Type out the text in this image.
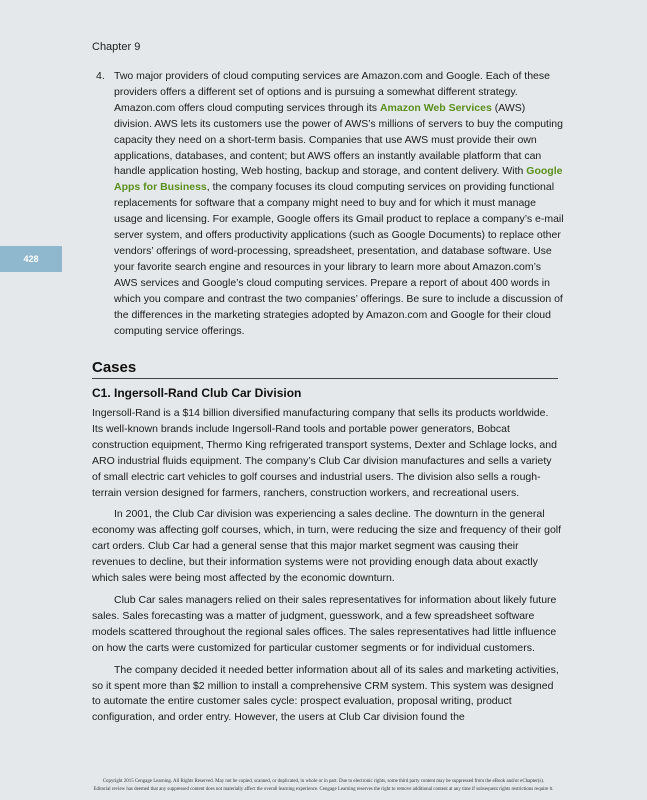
Chapter 9
428
4. Two major providers of cloud computing services are Amazon.com and Google. Each of these providers offers a different set of options and is pursuing a somewhat different strategy. Amazon.com offers cloud computing services through its Amazon Web Services (AWS) division. AWS lets its customers use the power of AWS’s millions of servers to buy the computing capacity they need on a short-term basis. Companies that use AWS must provide their own applications, databases, and content; but AWS offers an instantly available platform that can handle application hosting, Web hosting, backup and storage, and content delivery. With Google Apps for Business, the company focuses its cloud computing services on providing functional replacements for software that a company might need to buy and for which it must manage usage and licensing. For example, Google offers its Gmail product to replace a company’s e-mail server system, and offers productivity applications (such as Google Documents) to replace other vendors’ offerings of word-processing, spreadsheet, presentation, and database software. Use your favorite search engine and resources in your library to learn more about Amazon.com’s AWS services and Google’s cloud computing services. Prepare a report of about 400 words in which you compare and contrast the two companies’ offerings. Be sure to include a discussion of the differences in the marketing strategies adopted by Amazon.com and Google for their cloud computing service offerings.
Cases
C1. Ingersoll-Rand Club Car Division

Ingersoll-Rand is a $14 billion diversified manufacturing company that sells its products worldwide. Its well-known brands include Ingersoll-Rand tools and portable power generators, Bobcat construction equipment, Thermo King refrigerated transport systems, Dexter and Schlage locks, and ARO industrial fluids equipment. The company’s Club Car division manufactures and sells a variety of small electric cart vehicles to golf courses and industrial users. The division also sells a rough-terrain version designed for farmers, ranchers, construction workers, and recreational users.

In 2001, the Club Car division was experiencing a sales decline. The downturn in the general economy was affecting golf courses, which, in turn, were reducing the size and frequency of their golf cart orders. Club Car had a general sense that this major market segment was causing their revenues to decline, but their information systems were not providing enough data about exactly which sales were being most affected by the economic downturn.

Club Car sales managers relied on their sales representatives for information about likely future sales. Sales forecasting was a matter of judgment, guesswork, and a few spreadsheet software models scattered throughout the regional sales offices. The sales representatives had little influence on how the carts were customized for particular customer segments or for individual customers.

The company decided it needed better information about all of its sales and marketing activities, so it spent more than $2 million to install a comprehensive CRM system. This system was designed to automate the entire customer sales cycle: prospect evaluation, proposal writing, product configuration, and order entry. However, the users at Club Car division found the

Copyright 2015 Cengage Learning. All Rights Reserved. May not be copied, scanned, or duplicated, in whole or in part. Due to electronic rights, some third party content may be suppressed from the eBook and/or eChapter(s).
Editorial review has deemed that any suppressed content does not materially affect the overall learning experience. Cengage Learning reserves the right to remove additional content at any time if subsequent rights restrictions require it.
